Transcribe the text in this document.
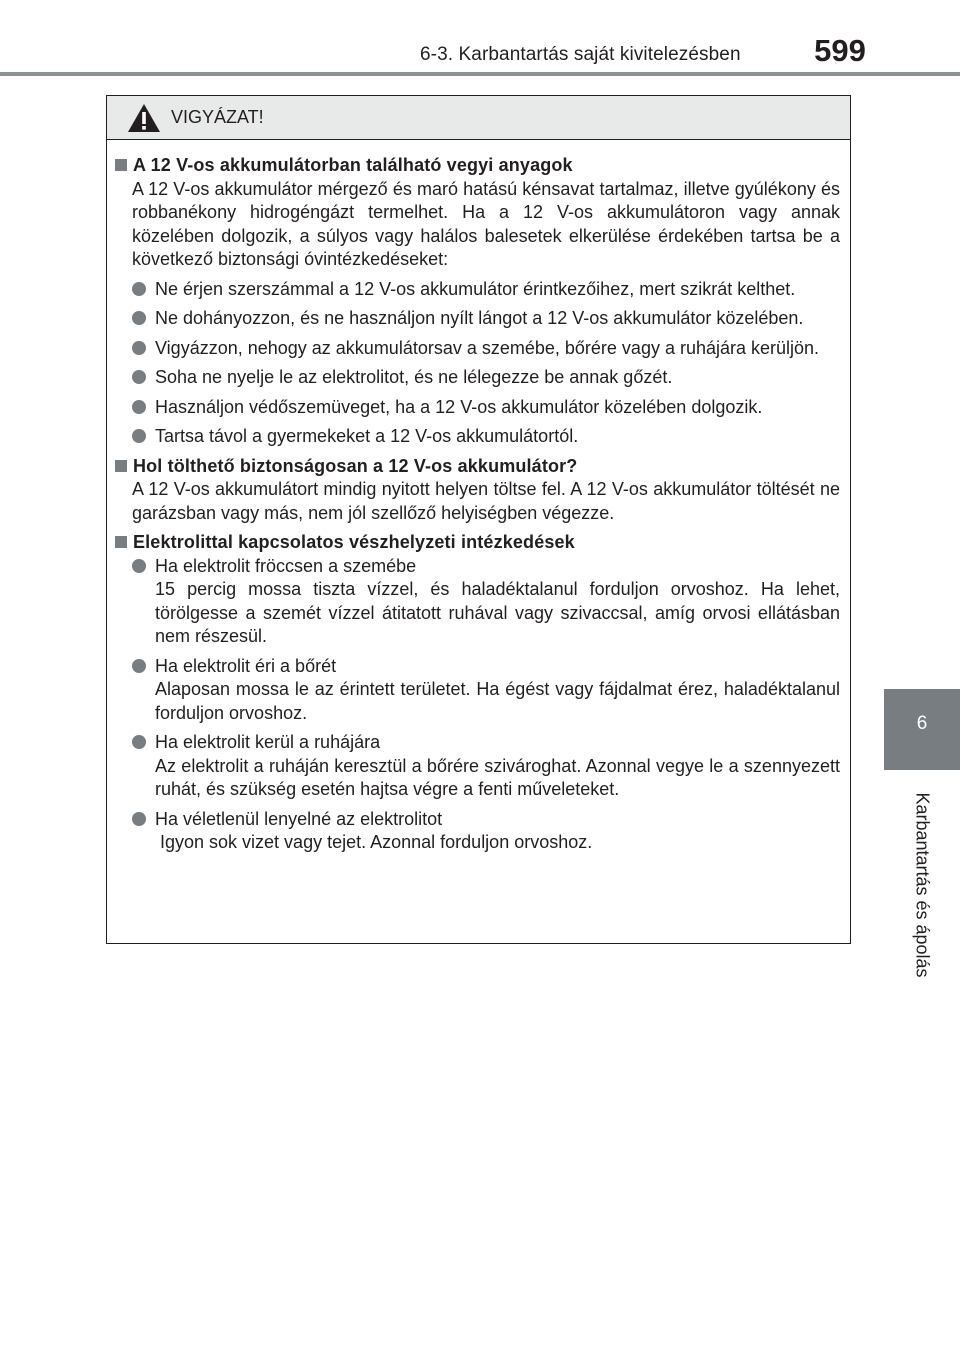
6-3. Karbantartás saját kivitelezésben	599
6
Karbantartás és ápolás
VIGYÁZAT!
A 12 V-os akkumulátorban található vegyi anyagok
A 12 V-os akkumulátor mérgező és maró hatású kénsavat tartalmaz, illetve gyúlékony és robbanékony hidrogéngázt termelhet. Ha a 12 V-os akkumulátoron vagy annak közelében dolgozik, a súlyos vagy halálos balesetek elkerülése érdekében tartsa be a következő biztonsági óvintézkedéseket:
Ne érjen szerszámmal a 12 V-os akkumulátor érintkezőihez, mert szikrát kelthet.
Ne dohányozzon, és ne használjon nyílt lángot a 12 V-os akkumulátor közelében.
Vigyázzon, nehogy az akkumulátorsav a szemébe, bőrére vagy a ruhájára kerüljön.
Soha ne nyelje le az elektrolitot, és ne lélegezze be annak gőzét.
Használjon védőszemüveget, ha a 12 V-os akkumulátor közelében dolgozik.
Tartsa távol a gyermekeket a 12 V-os akkumulátortól.
Hol tölthető biztonságosan a 12 V-os akkumulátor?
A 12 V-os akkumulátort mindig nyitott helyen töltse fel. A 12 V-os akkumulátor töltését ne garázsban vagy más, nem jól szellőző helyiségben végezze.
Elektrolittal kapcsolatos vészhelyzeti intézkedések
Ha elektrolit fröccsen a szemébe
15 percig mossa tiszta vízzel, és haladéktalanul forduljon orvoshoz. Ha lehet, törölgesse a szemét vízzel átitatott ruhával vagy szivaccsal, amíg orvosi ellátásban nem részesül.
Ha elektrolit éri a bőrét
Alaposan mossa le az érintett területet. Ha égést vagy fájdalmat érez, haladéktalanul forduljon orvoshoz.
Ha elektrolit kerül a ruhájára
Az elektrolit a ruháján keresztül a bőrére szivároghat. Azonnal vegye le a szennyezett ruhát, és szükség esetén hajtsa végre a fenti műveleteket.
Ha véletlenül lenyelné az elektrolitot
Igyon sok vizet vagy tejet. Azonnal forduljon orvoshoz.
